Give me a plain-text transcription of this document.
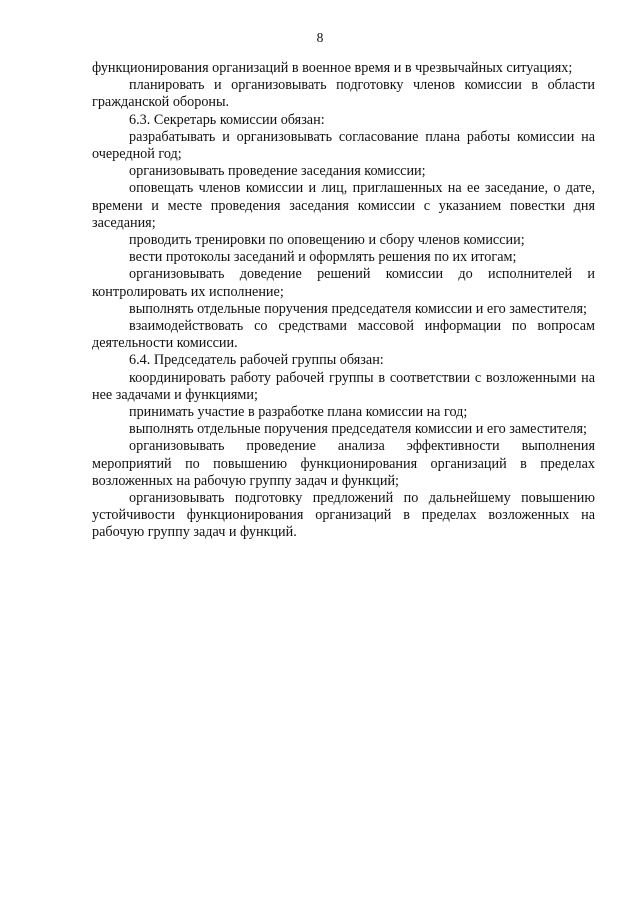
8

функционирования организаций в военное время и в чрезвычайных ситуациях;

планировать и организовывать подготовку членов комиссии в области гражданской обороны.

6.3. Секретарь комиссии обязан:

разрабатывать и организовывать согласование плана работы комиссии на очередной год;

организовывать проведение заседания комиссии;

оповещать членов комиссии и лиц, приглашенных на ее заседание, о дате, времени и месте проведения заседания комиссии с указанием повестки дня заседания;

проводить тренировки по оповещению и сбору членов комиссии;

вести протоколы заседаний и оформлять решения по их итогам;

организовывать доведение решений комиссии до исполнителей и контролировать их исполнение;

выполнять отдельные поручения председателя комиссии и его заместителя;

взаимодействовать со средствами массовой информации по вопросам деятельности комиссии.

6.4. Председатель рабочей группы обязан:

координировать работу рабочей группы в соответствии с возложенными на нее задачами и функциями;

принимать участие в разработке плана комиссии на год;

выполнять отдельные поручения председателя комиссии и его заместителя;

организовывать проведение анализа эффективности выполнения мероприятий по повышению функционирования организаций в пределах возложенных на рабочую группу задач и функций;

организовывать подготовку предложений по дальнейшему повышению устойчивости функционирования организаций в пределах возложенных на рабочую группу задач и функций.
